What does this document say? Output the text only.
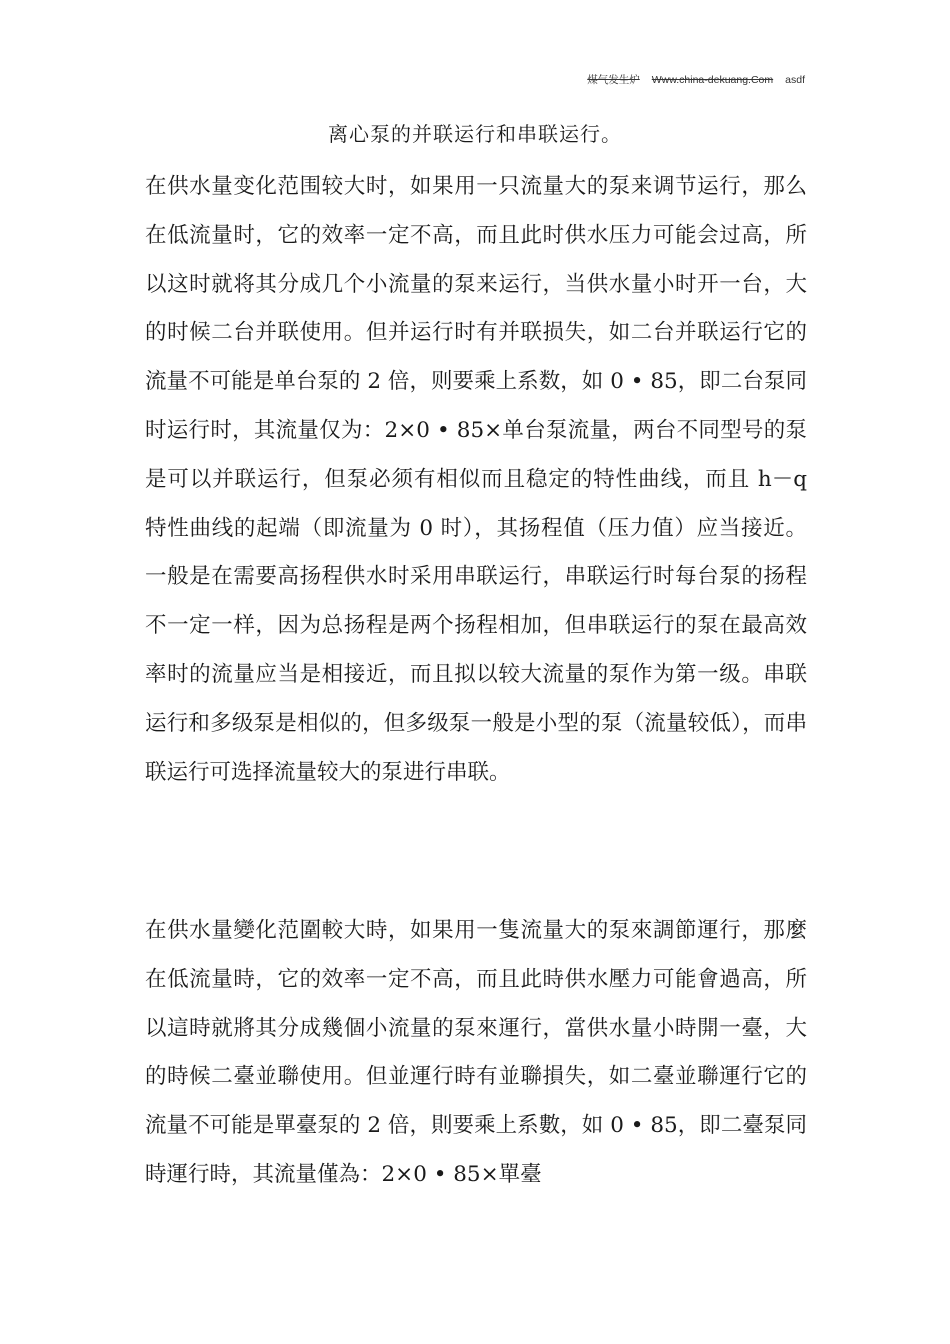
煤气发生炉 Www.china-dekuang.Com asdf
离心泵的并联运行和串联运行。

在供水量变化范围较大时，如果用一只流量大的泵来调节运行，那么在低流量时，它的效率一定不高，而且此时供水压力可能会过高，所以这时就将其分成几个小流量的泵来运行，当供水量小时开一台，大的时候二台并联使用。但并运行时有并联损失，如二台并联运行它的流量不可能是单台泵的 2 倍，则要乘上系数，如 0 • 85，即二台泵同时运行时，其流量仅为：2×0 • 85×单台泵流量，两台不同型号的泵是可以并联运行，但泵必须有相似而且稳定的特性曲线，而且 h－q 特性曲线的起端（即流量为 0 时），其扬程值（压力值）应当接近。 一般是在需要高扬程供水时采用串联运行，串联运行时每台泵的扬程不一定一样，因为总扬程是两个扬程相加，但串联运行的泵在最高效率时的流量应当是相接近，而且拟以较大流量的泵作为第一级。串联运行和多级泵是相似的，但多级泵一般是小型的泵（流量较低），而串联运行可选择流量较大的泵进行串联。

在供水量變化范圍較大時，如果用一隻流量大的泵來調節運行，那麼在低流量時，它的效率一定不高，而且此時供水壓力可能會過高，所以這時就將其分成幾個小流量的泵來運行，當供水量小時開一臺，大的時候二臺並聯使用。但並運行時有並聯損失，如二臺並聯運行它的流量不可能是單臺泵的 2 倍，則要乘上系數，如 0 • 85，即二臺泵同時運行時，其流量僅為：2×0 • 85×單臺
